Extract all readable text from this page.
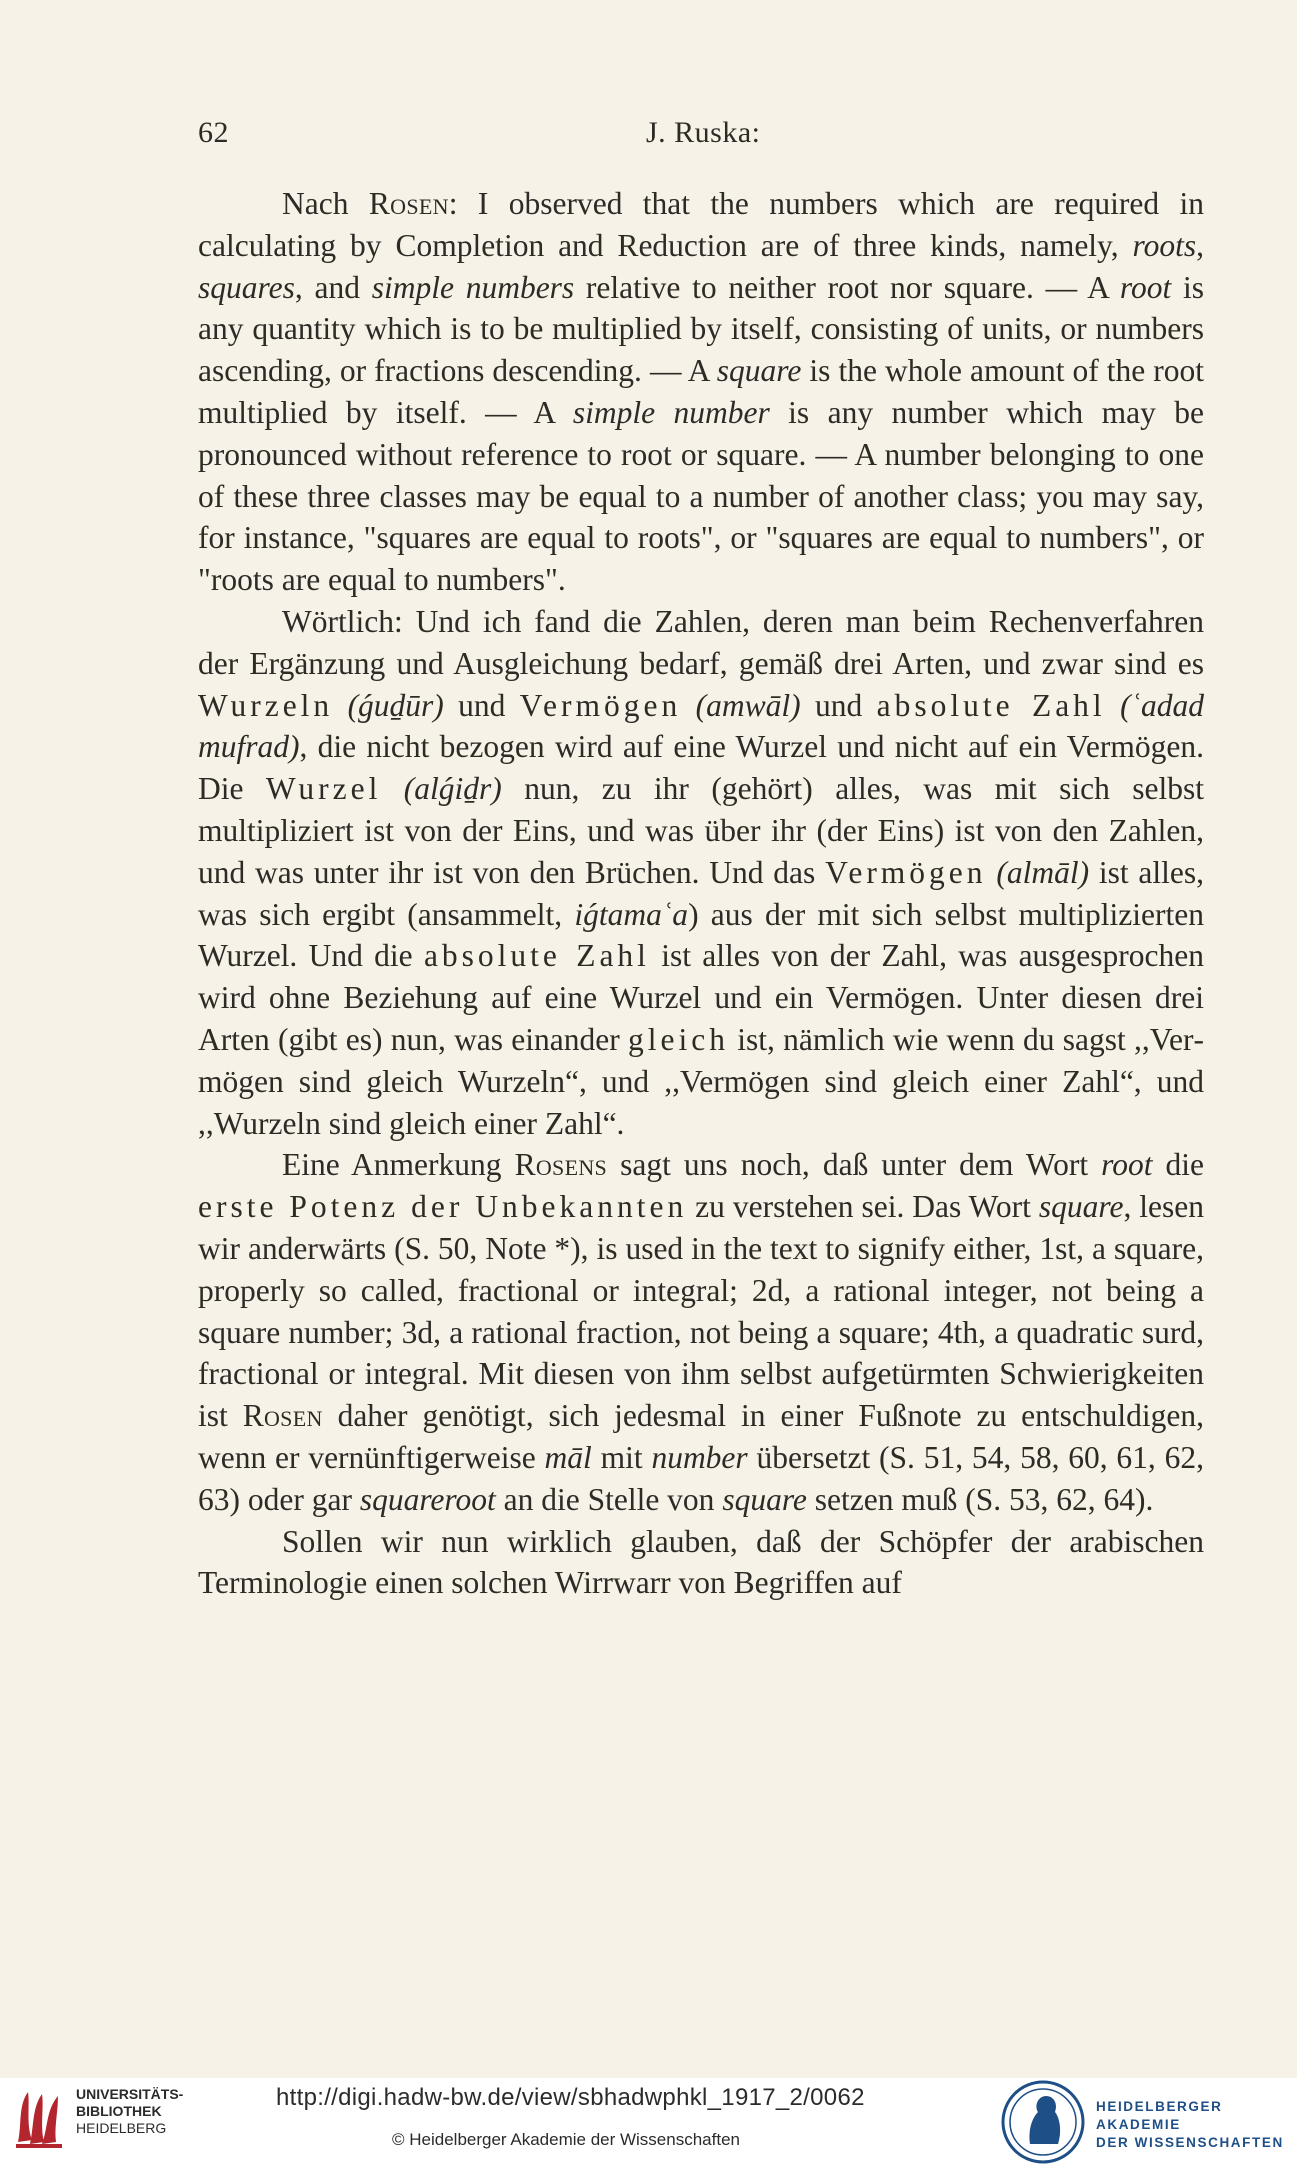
62	J. Ruska:

Nach Rosen: I observed that the numbers which are required in calculating by Completion and Reduction are of three kinds, namely, roots, squares, and simple numbers relative to neither root nor square. — A root is any quantity which is to be multiplied by itself, consisting of units, or numbers ascending, or fractions descending. — A square is the whole amount of the root multiplied by itself. — A simple number is any number which may be pronounced without reference to root or square. — A number belonging to one of these three classes may be equal to a number of another class; you may say, for instance, "squares are equal to roots", or "squares are equal to numbers", or "roots are equal to numbers".

Wörtlich: Und ich fand die Zahlen, deren man beim Rechenverfahren der Ergänzung und Ausgleichung bedarf, gemäß drei Arten, und zwar sind es Wurzeln (ǵuḏūr) und Vermögen (amwāl) und absolute Zahl (ʿadad mufrad), die nicht bezogen wird auf eine Wurzel und nicht auf ein Vermögen. Die Wurzel (alǵiḏr) nun, zu ihr (gehört) alles, was mit sich selbst multipliziert ist von der Eins, und was über ihr (der Eins) ist von den Zahlen, und was unter ihr ist von den Brüchen. Und das Vermögen (almāl) ist alles, was sich ergibt (ansammelt, iǵtamaʿa) aus der mit sich selbst multiplizierten Wurzel. Und die absolute Zahl ist alles von der Zahl, was ausgesprochen wird ohne Beziehung auf eine Wurzel und ein Vermögen. Unter diesen drei Arten (gibt es) nun, was einander gleich ist, nämlich wie wenn du sagst ,,Vermögen sind gleich Wurzeln“, und ,,Vermögen sind gleich einer Zahl“, und ,,Wurzeln sind gleich einer Zahl“.

Eine Anmerkung Rosens sagt uns noch, daß unter dem Wort root die erste Potenz der Unbekannten zu verstehen sei. Das Wort square, lesen wir anderwärts (S. 50, Note *), is used in the text to signify either, 1st, a square, properly so called, fractional or integral; 2d, a rational integer, not being a square number; 3d, a rational fraction, not being a square; 4th, a quadratic surd, fractional or integral. Mit diesen von ihm selbst aufgetürmten Schwierigkeiten ist Rosen daher genötigt, sich jedesmal in einer Fußnote zu entschuldigen, wenn er vernünftigerweise māl mit number übersetzt (S. 51, 54, 58, 60, 61, 62, 63) oder gar squareroot an die Stelle von square setzen muß (S. 53, 62, 64).

Sollen wir nun wirklich glauben, daß der Schöpfer der arabischen Terminologie einen solchen Wirrwarr von Begriffen auf

UNIVERSITÄTS-
BIBLIOTHEK
HEIDELBERG
http://digi.hadw-bw.de/view/sbhadwphkl_1917_2/0062
© Heidelberger Akademie der Wissenschaften
HEIDELBERGER AKADEMIE
DER WISSENSCHAFTEN
